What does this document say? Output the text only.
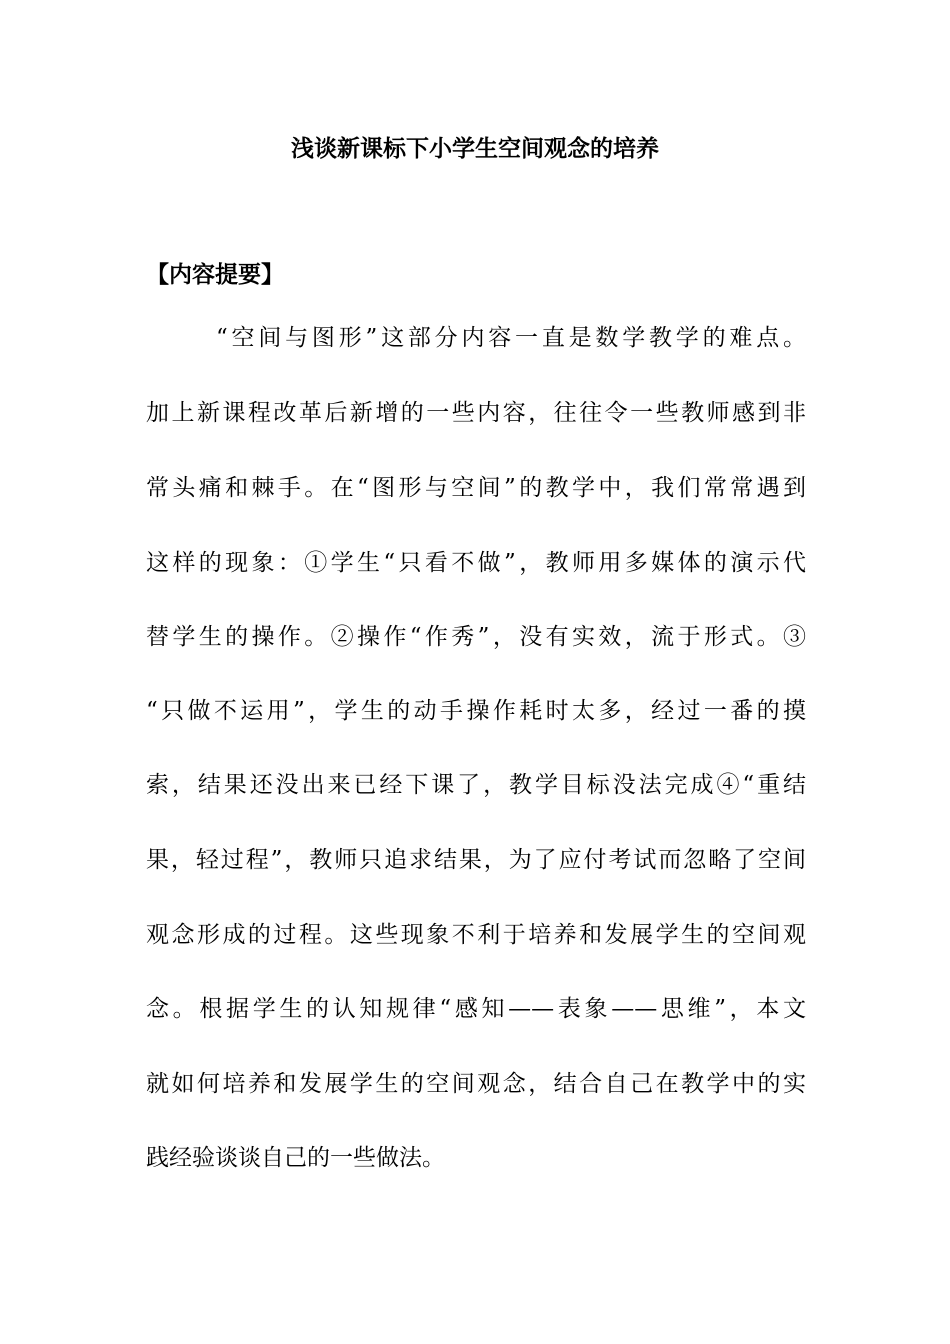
浅谈新课标下小学生空间观念的培养
【内容提要】
“空间与图形”这部分内容一直是数学教学的难点。
加上新课程改革后新增的一些内容，往往令一些教师感到非
常头痛和棘手。在“图形与空间”的教学中，我们常常遇到
这样的现象：①学生“只看不做”，教师用多媒体的演示代
替学生的操作。②操作“作秀”，没有实效，流于形式。③
“只做不运用”，学生的动手操作耗时太多，经过一番的摸
索，结果还没出来已经下课了，教学目标没法完成④“重结
果，轻过程”，教师只追求结果，为了应付考试而忽略了空间
观念形成的过程。这些现象不利于培养和发展学生的空间观
念。根据学生的认知规律“感知——表象——思维”，本文
就如何培养和发展学生的空间观念，结合自己在教学中的实
践经验谈谈自己的一些做法。
